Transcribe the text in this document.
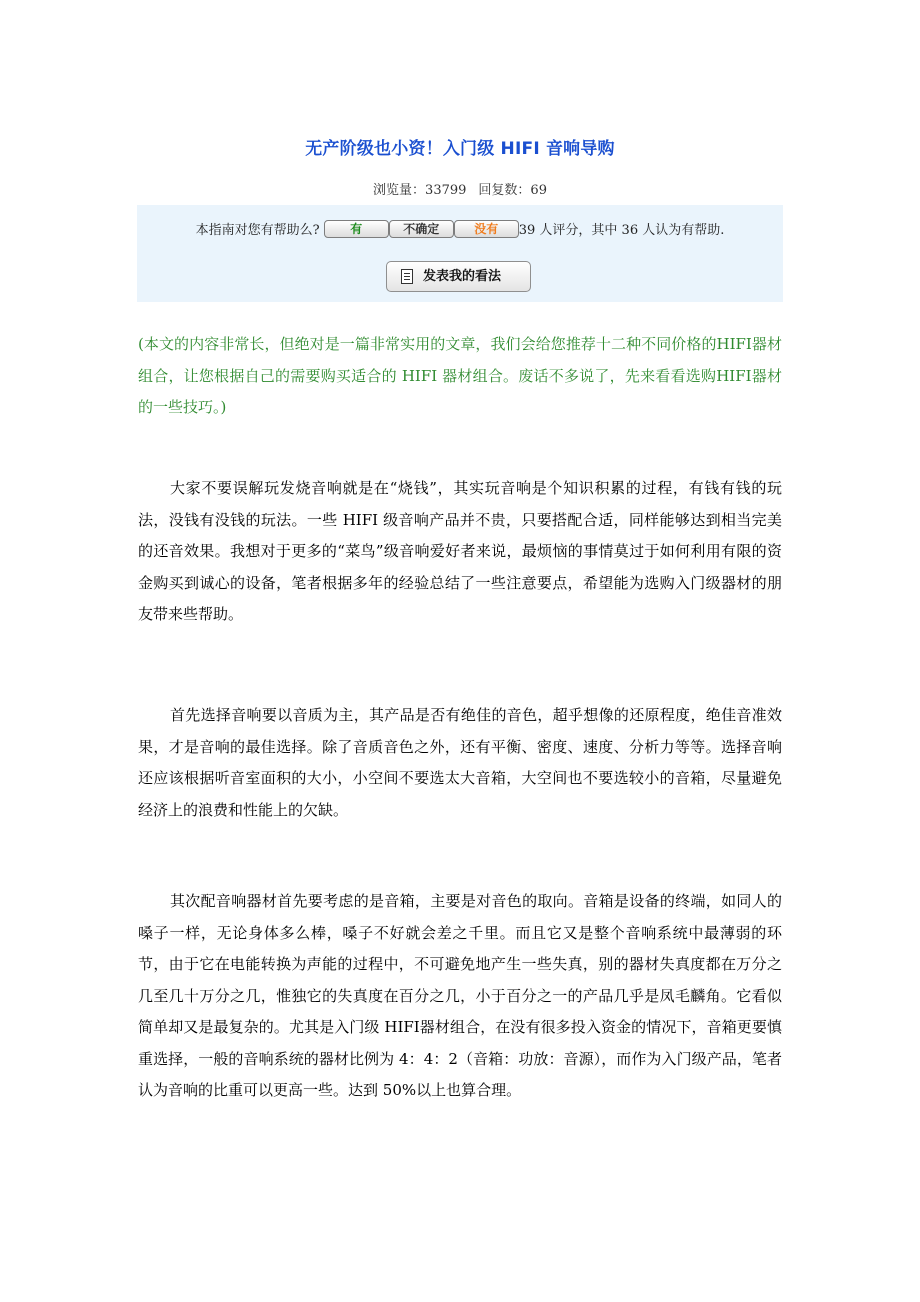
无产阶级也小资！入门级 HIFI 音响导购
浏览量：33799 回复数：69
本指南对您有帮助么?	有	不确定	没有 39 人评分，其中 36 人认为有帮助.
发表我的看法

(本文的内容非常长，但绝对是一篇非常实用的文章，我们会给您推荐十二种不同价格的HIFI器材组合，让您根据自己的需要购买适合的 HIFI 器材组合。废话不多说了，先来看看选购HIFI器材的一些技巧。)

大家不要误解玩发烧音响就是在“烧钱”，其实玩音响是个知识积累的过程，有钱有钱的玩法，没钱有没钱的玩法。一些 HIFI 级音响产品并不贵，只要搭配合适，同样能够达到相当完美的还音效果。我想对于更多的“菜鸟”级音响爱好者来说，最烦恼的事情莫过于如何利用有限的资金购买到诚心的设备，笔者根据多年的经验总结了一些注意要点，希望能为选购入门级器材的朋友带来些帮助。

首先选择音响要以音质为主，其产品是否有绝佳的音色，超乎想像的还原程度，绝佳音准效果，才是音响的最佳选择。除了音质音色之外，还有平衡、密度、速度、分析力等等。选择音响还应该根据听音室面积的大小，小空间不要选太大音箱，大空间也不要选较小的音箱，尽量避免经济上的浪费和性能上的欠缺。

其次配音响器材首先要考虑的是音箱，主要是对音色的取向。音箱是设备的终端，如同人的嗓子一样，无论身体多么棒，嗓子不好就会差之千里。而且它又是整个音响系统中最薄弱的环节，由于它在电能转换为声能的过程中，不可避免地产生一些失真，别的器材失真度都在万分之几至几十万分之几，惟独它的失真度在百分之几，小于百分之一的产品几乎是凤毛麟角。它看似简单却又是最复杂的。尤其是入门级 HIFI器材组合，在没有很多投入资金的情况下，音箱更要慎重选择，一般的音响系统的器材比例为 4：4：2（音箱：功放：音源），而作为入门级产品，笔者认为音响的比重可以更高一些。达到 50%以上也算合理。
